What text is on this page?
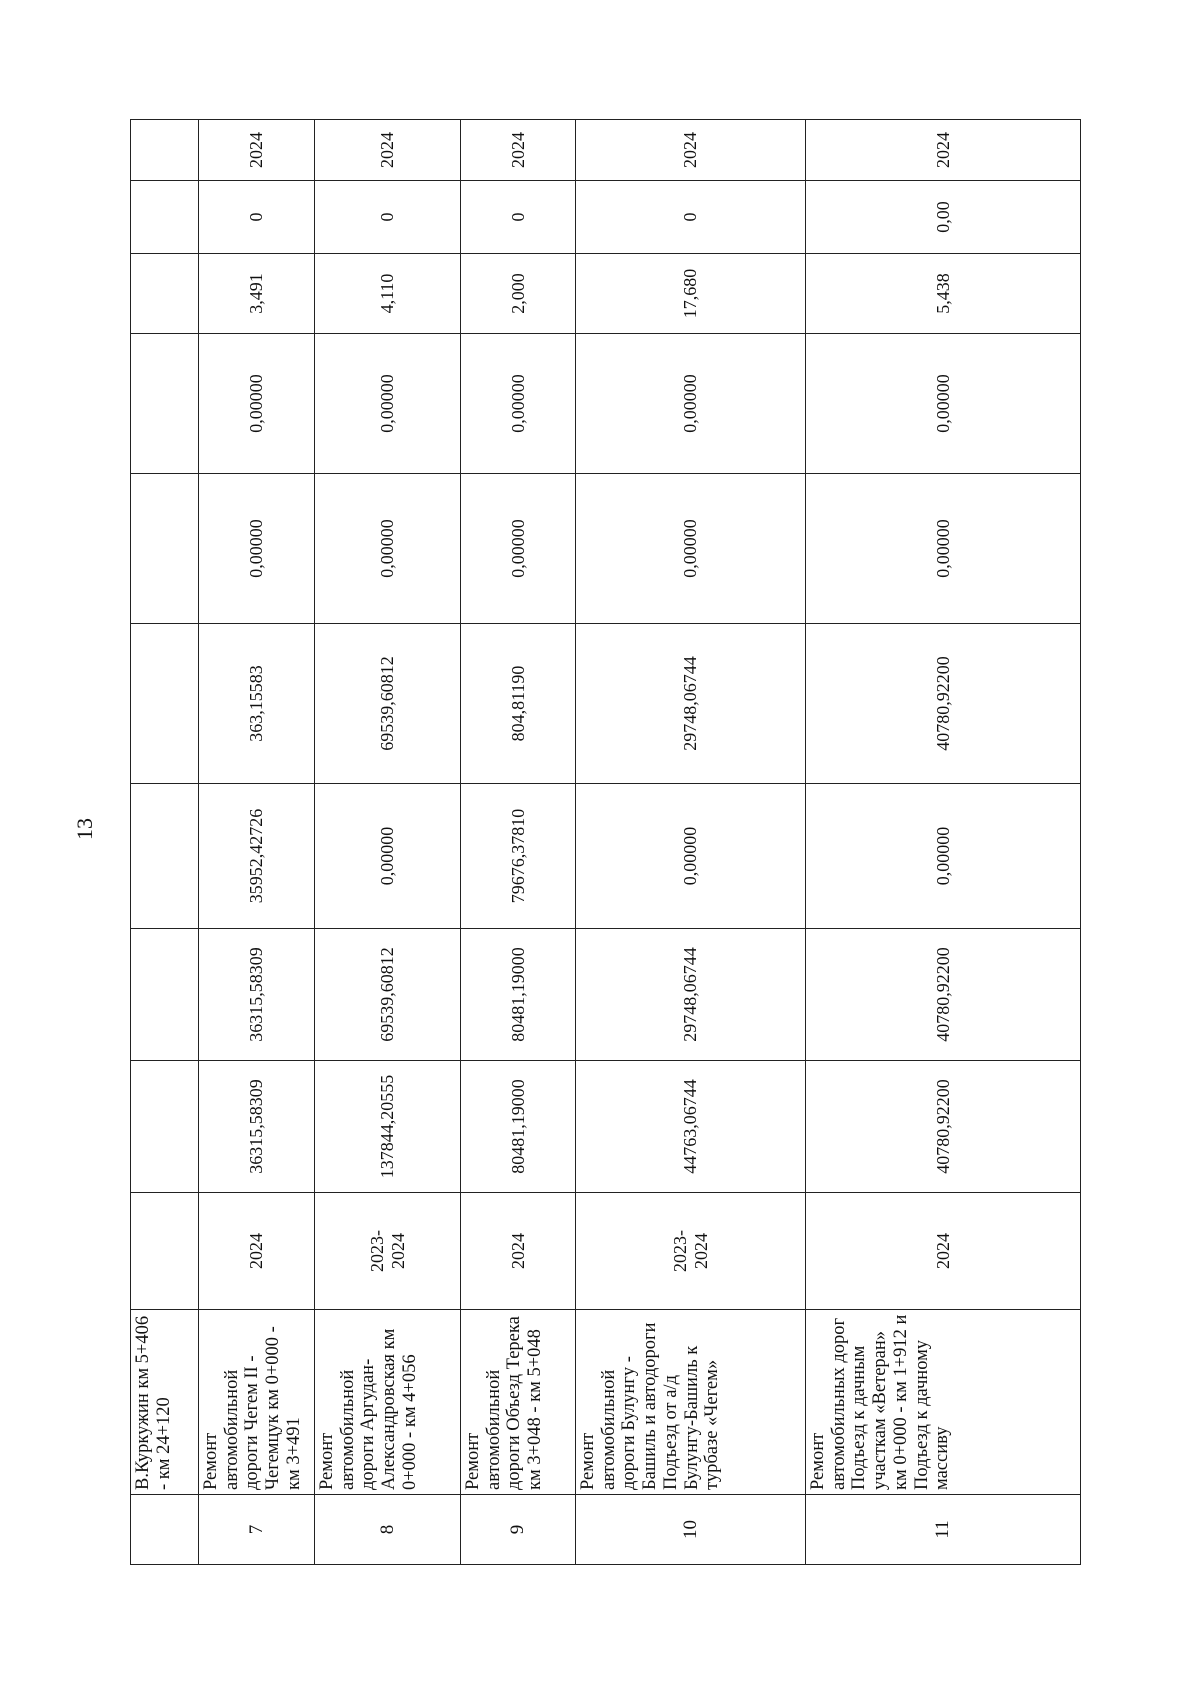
13
	В.Куркужин км 5+406 - км 24+120										
7	Ремонт автомобильной дороги Чегем II - Чегемцук км 0+000 - км 3+491	2024	36315,58309	36315,58309	35952,42726	363,15583	0,00000	0,00000	3,491	0	2024
8	Ремонт автомобильной дороги Аргудан-Александровская км 0+000 - км 4+056	2023-
2024	137844,20555	69539,60812	0,00000	69539,60812	0,00000	0,00000	4,110	0	2024
9	Ремонт автомобильной дороги Объезд Терека км 3+048 - км 5+048	2024	80481,19000	80481,19000	79676,37810	804,81190	0,00000	0,00000	2,000	0	2024
10	Ремонт автомобильной дороги Булунгу - Башиль и автодороги Подъезд от а/д Булунгу-Башиль к турбазе «Чегем»	2023-
2024	44763,06744	29748,06744	0,00000	29748,06744	0,00000	0,00000	17,680	0	2024
11	Ремонт автомобильных дорог Подъезд к дачным участкам «Ветеран» км 0+000 - км 1+912 и Подъезд к дачному массиву	2024	40780,92200	40780,92200	0,00000	40780,92200	0,00000	0,00000	5,438	0,00	2024
